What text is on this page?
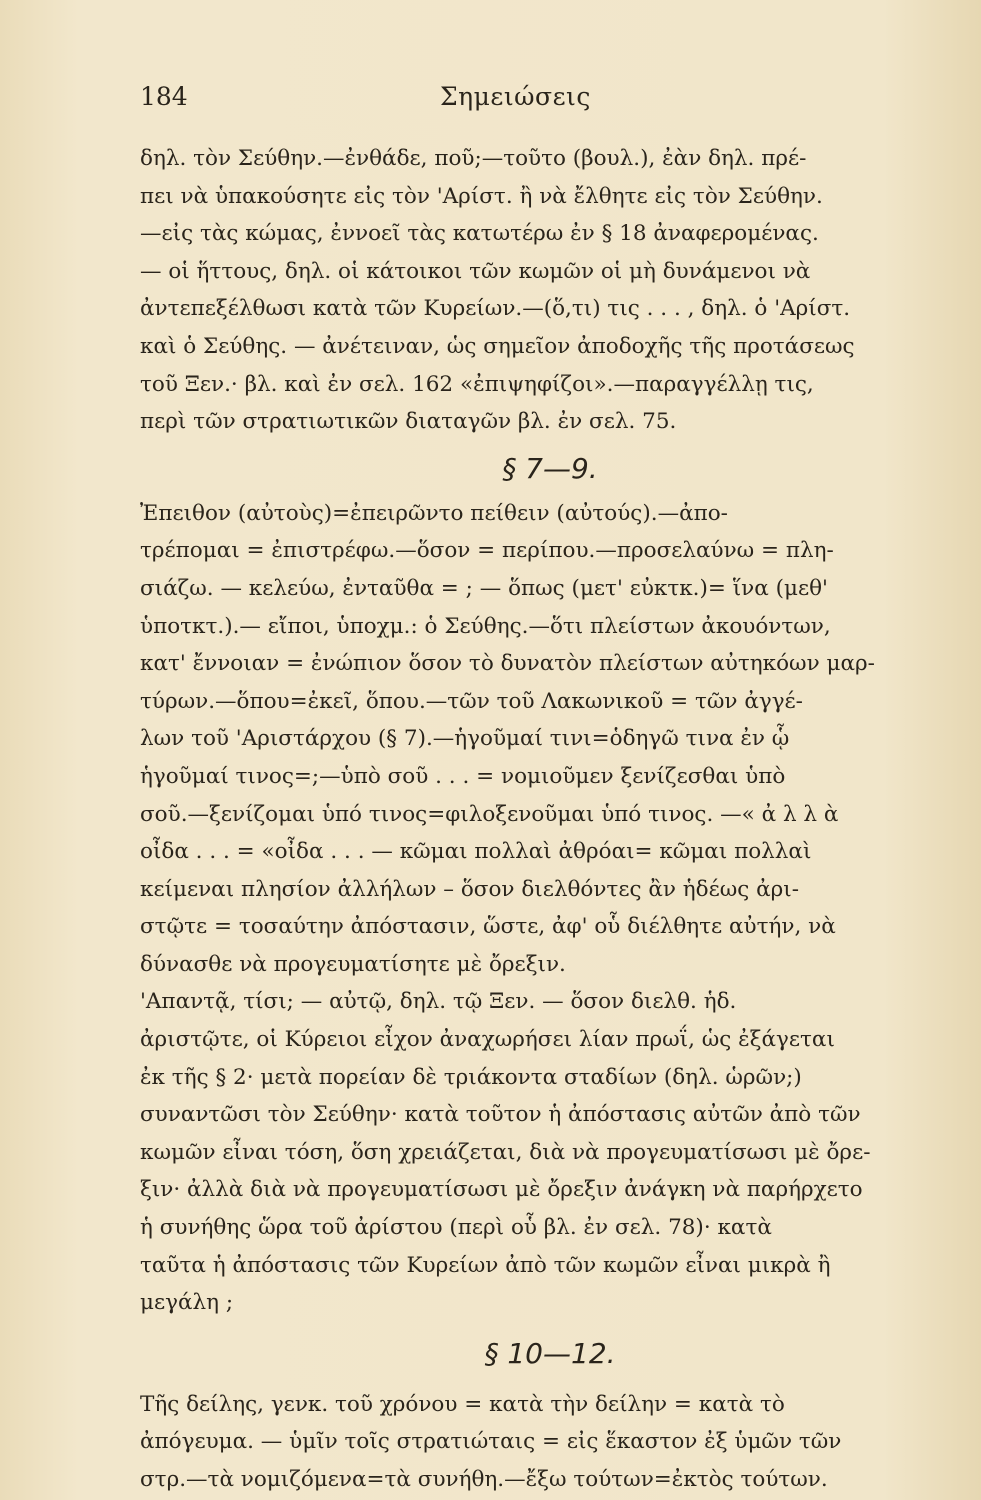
184	Σημειώσεις
δηλ. τὸν Σεύθην.—ἐνθάδε, ποῦ;—τοῦτο (βουλ.), ἐὰν δηλ. πρέ-
πει νὰ ὑπακούσητε εἰς τὸν 'Αρίστ. ἢ νὰ ἔλθητε εἰς τὸν Σεύθην.
—εἰς τὰς κώμας, ἐννοεῖ τὰς κατωτέρω ἐν § 18 ἀναφερομένας.
— οἱ ἥττους, δηλ. οἱ κάτοικοι τῶν κωμῶν οἱ μὴ δυνάμενοι νὰ
ἀντεπεξέλθωσι κατὰ τῶν Κυρείων.—(ὅ,τι) τις . . . , δηλ. ὁ 'Αρίστ.
καὶ ὁ Σεύθης. — ἀνέτειναν, ὡς σημεῖον ἀποδοχῆς τῆς προτάσεως
τοῦ Ξεν.· βλ. καὶ ἐν σελ. 162 «ἐπιψηφίζοι».—παραγγέλλῃ τις,
περὶ τῶν στρατιωτικῶν διαταγῶν βλ. ἐν σελ. 75.
§ 7—9.
Ἐπειθον (αὐτοὺς)=ἐπειρῶντο πείθειν (αὐτούς).—ἀπο-
τρέπομαι = ἐπιστρέφω.—ὅσον = περίπου.—προσελαύνω = πλη-
σιάζω. — κελεύω, ἐνταῦθα = ; — ὅπως (μετ' εὐκτκ.)= ἵνα (μεθ'
ὑποτκτ.).— εἴποι, ὑποχμ.: ὁ Σεύθης.—ὅτι πλείστων ἀκουόντων,
κατ' ἔννοιαν = ἐνώπιον ὅσον τὸ δυνατὸν πλείστων αὐτηκόων μαρ-
τύρων.—ὅπου=ἐκεῖ, ὅπου.—τῶν τοῦ Λακωνικοῦ = τῶν ἀγγέ-
λων τοῦ 'Αριστάρχου (§ 7).—ἡγοῦμαί τινι=ὁδηγῶ τινα ἐν ᾧ
ἡγοῦμαί τινος=;—ὑπὸ σοῦ . . . = νομιοῦμεν ξενίζεσθαι ὑπὸ
σοῦ.—ξενίζομαι ὑπό τινος=φιλοξενοῦμαι ὑπό τινος. —« ἀ λ λ ὰ
οἶδα . . . = «οἶδα . . . — κῶμαι πολλαὶ ἀθρόαι= κῶμαι πολλαὶ
κείμεναι πλησίον ἀλλήλων – ὅσον διελθόντες ἂν ἡδέως ἀρι-
στῷτε = τοσαύτην ἀπόστασιν, ὥστε, ἀφ' οὗ διέλθητε αὐτήν, νὰ
δύνασθε νὰ προγευματίσητε μὲ ὄρεξιν.
'Απαντᾷ, τίσι; — αὐτῷ, δηλ. τῷ Ξεν. — ὅσον διελθ. ἡδ.
ἀριστῷτε, οἱ Κύρειοι εἶχον ἀναχωρήσει λίαν πρωΐ, ὡς ἐξάγεται
ἐκ τῆς § 2· μετὰ πορείαν δὲ τριάκοντα σταδίων (δηλ. ὡρῶν;)
συναντῶσι τὸν Σεύθην· κατὰ τοῦτον ἡ ἀπόστασις αὐτῶν ἀπὸ τῶν
κωμῶν εἶναι τόση, ὅση χρειάζεται, διὰ νὰ προγευματίσωσι μὲ ὄρε-
ξιν· ἀλλὰ διὰ νὰ προγευματίσωσι μὲ ὄρεξιν ἀνάγκη νὰ παρήρχετο
ἡ συνήθης ὥρα τοῦ ἀρίστου (περὶ οὗ βλ. ἐν σελ. 78)· κατὰ
ταῦτα ἡ ἀπόστασις τῶν Κυρείων ἀπὸ τῶν κωμῶν εἶναι μικρὰ ἢ
μεγάλη ;
§ 10—12.
Τῆς δείλης, γενκ. τοῦ χρόνου = κατὰ τὴν δείλην = κατὰ τὸ
ἀπόγευμα. — ὑμῖν τοῖς στρατιώταις = εἰς ἕκαστον ἐξ ὑμῶν τῶν
στρ.—τὰ νομιζόμενα=τὰ συνήθη.—ἔξω τούτων=ἐκτὸς τούτων.
